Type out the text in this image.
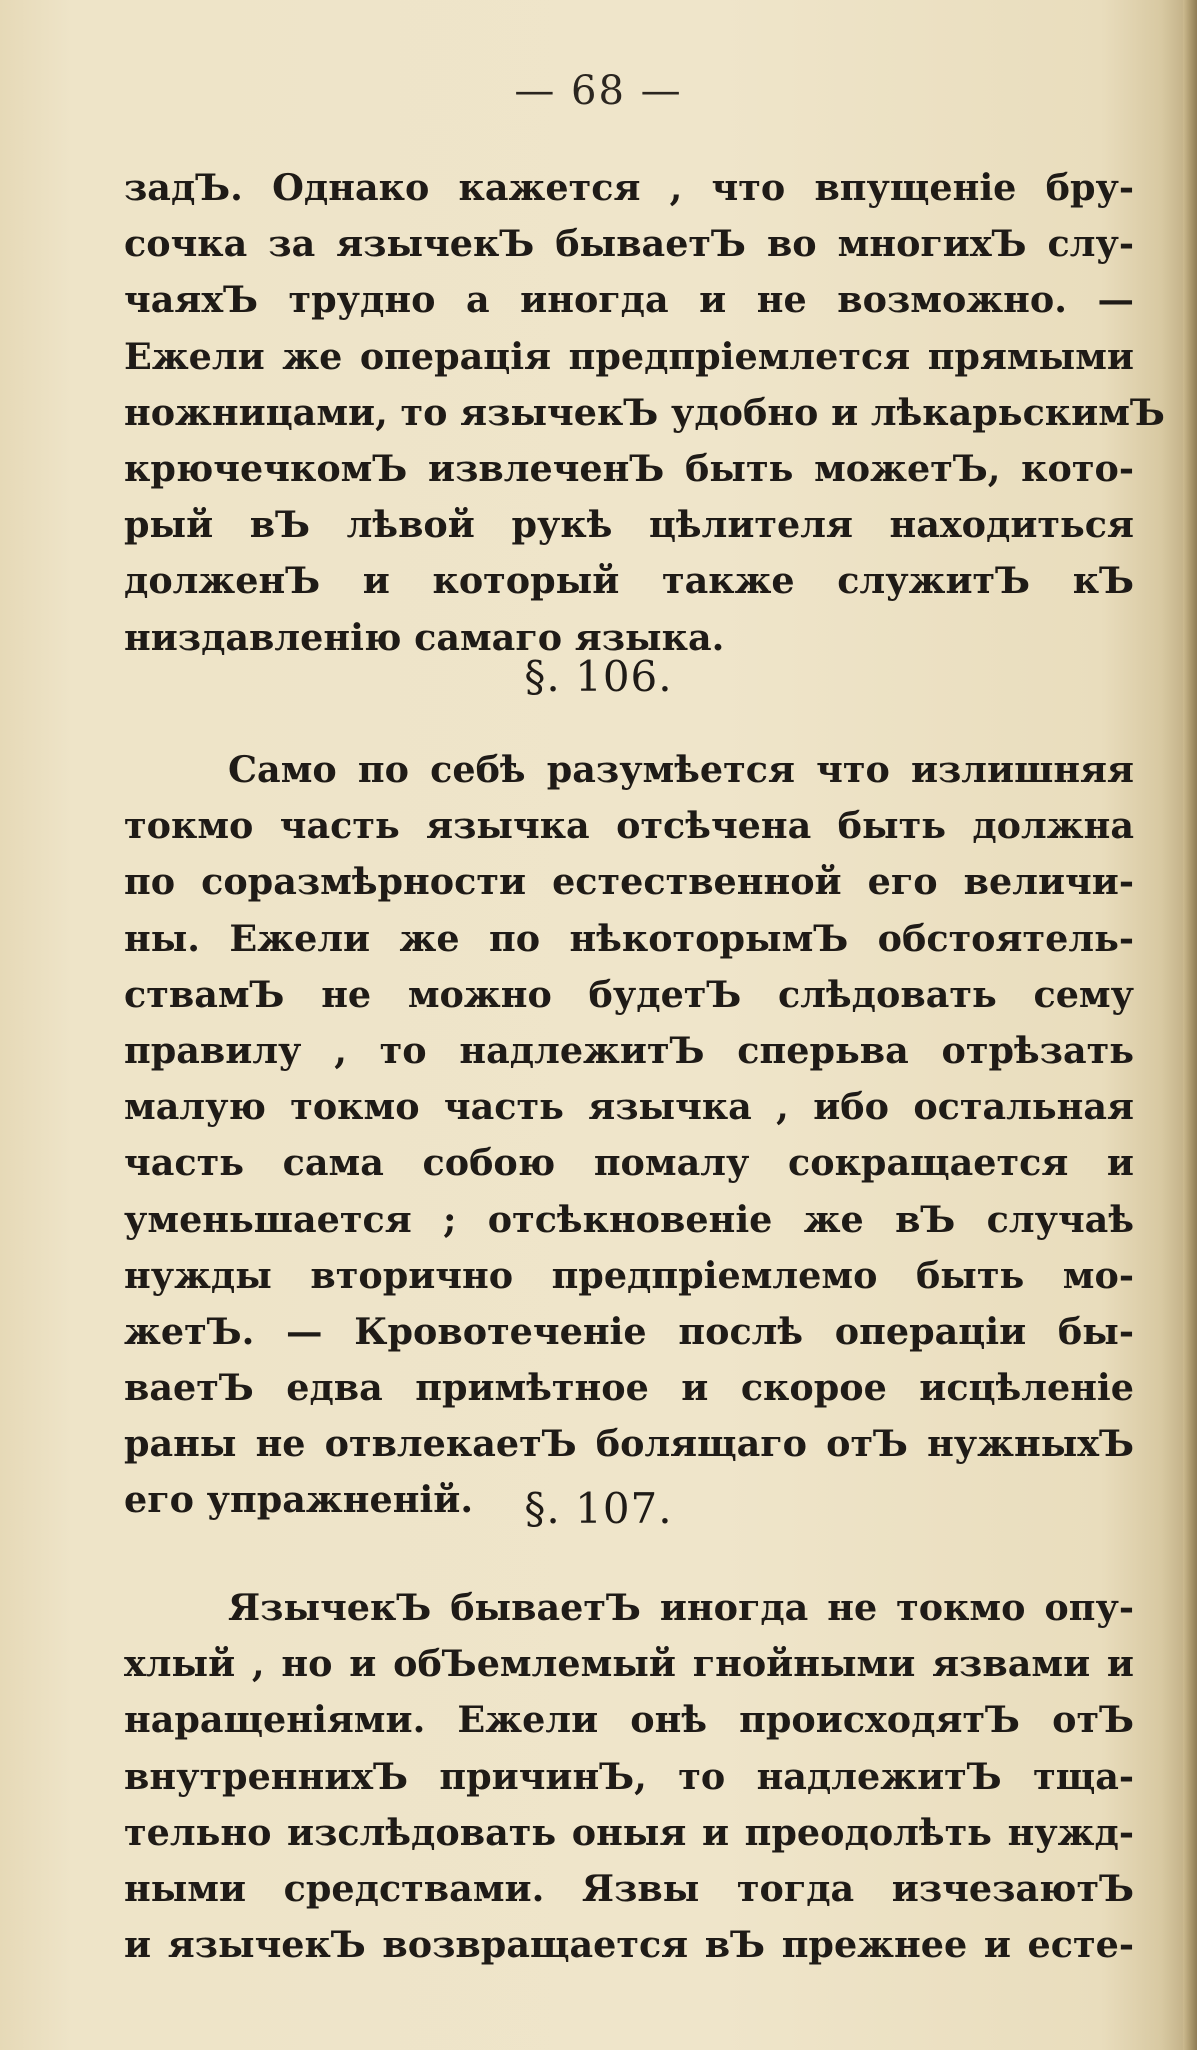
— 68 —
задЪ. Однако кажется , что впущеніе бру-
сочка за язычекЪ бываетЪ во многихЪ слу-
чаяхЪ трудно а иногда и не возможно. —
Ежели же операція предпріемлется прямыми
ножницами, то язычекЪ удобно и лѣкарьскимЪ
крючечкомЪ извлеченЪ быть можетЪ, кото-
рый вЪ лѣвой рукѣ цѣлителя находиться
долженЪ и который также служитЪ кЪ
низдавленію самаго языка.
§. 106.
Само по себѣ разумѣется что излишняя
токмо часть язычка отсѣчена быть должна
по соразмѣрности естественной его величи-
ны. Ежели же по нѣкоторымЪ обстоятель-
ствамЪ не можно будетЪ слѣдовать сему
правилу , то надлежитЪ сперьва отрѣзать
малую токмо часть язычка , ибо остальная
часть сама собою помалу сокращается и
уменьшается ; отсѣкновеніе же вЪ случаѣ
нужды вторично предпріемлемо быть мо-
жетЪ. — Кровотеченіе послѣ операціи бы-
ваетЪ едва примѣтное и скорое исцѣленіе
раны не отвлекаетЪ болящаго отЪ нужныхЪ
его упражненій.	§. 107.
ЯзычекЪ бываетЪ иногда не токмо опу-
хлый , но и обЪемлемый гнойными язвами и
наращеніями. Ежели онѣ происходятЪ отЪ
внутреннихЪ причинЪ, то надлежитЪ тща-
тельно изслѣдовать оныя и преодолѣть нужд-
ными средствами. Язвы тогда изчезаютЪ
и язычекЪ возвращается вЪ прежнее и есте-
